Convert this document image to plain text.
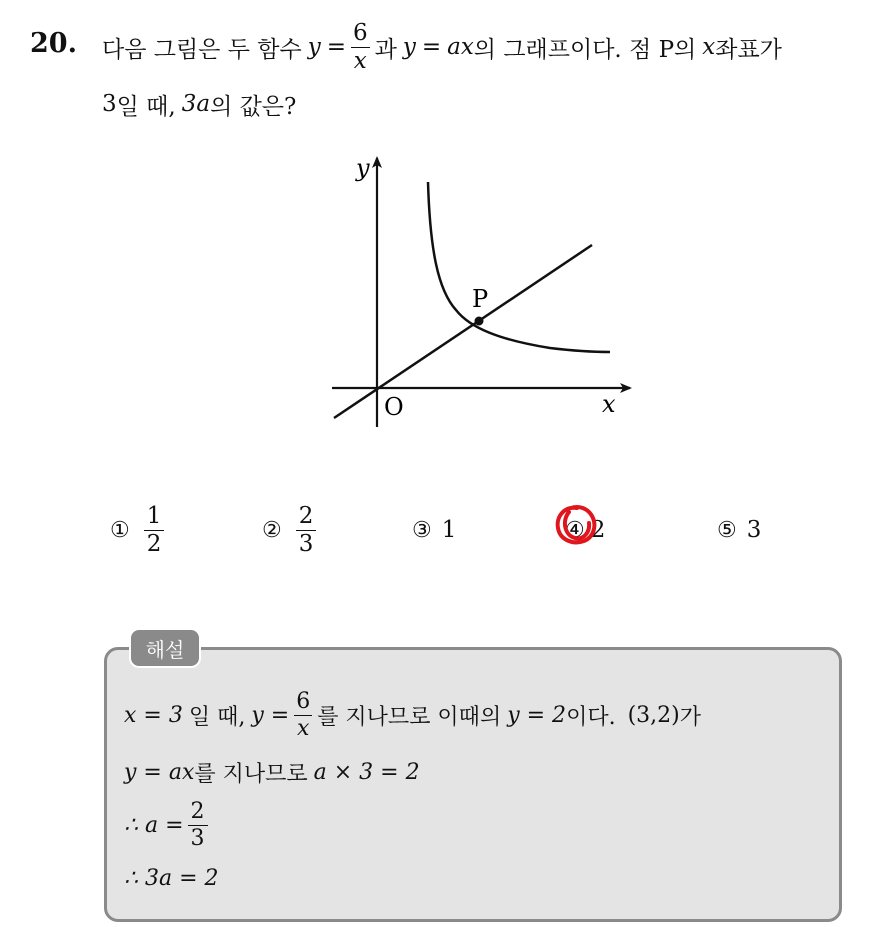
20. 다음 그림은 두 함수 $y = \frac{6}{x}$ 과 y = ax 의 그래프이다. 점 P의 x 좌표가
3 일 때, 3a 의 값은?
y
x
O
P
① $\frac{1}{2}$	② $\frac{2}{3}$	③ 1	④ 2	⑤ 3
해설
x = 3 일 때, $y = \frac{6}{x}$ 를 지나므로 이때의 y = 2 이다. (3,2) 가
y = ax 를 지나므로 a × 3 = 2
∴ $a = \frac{2}{3}$
∴ 3a = 2
